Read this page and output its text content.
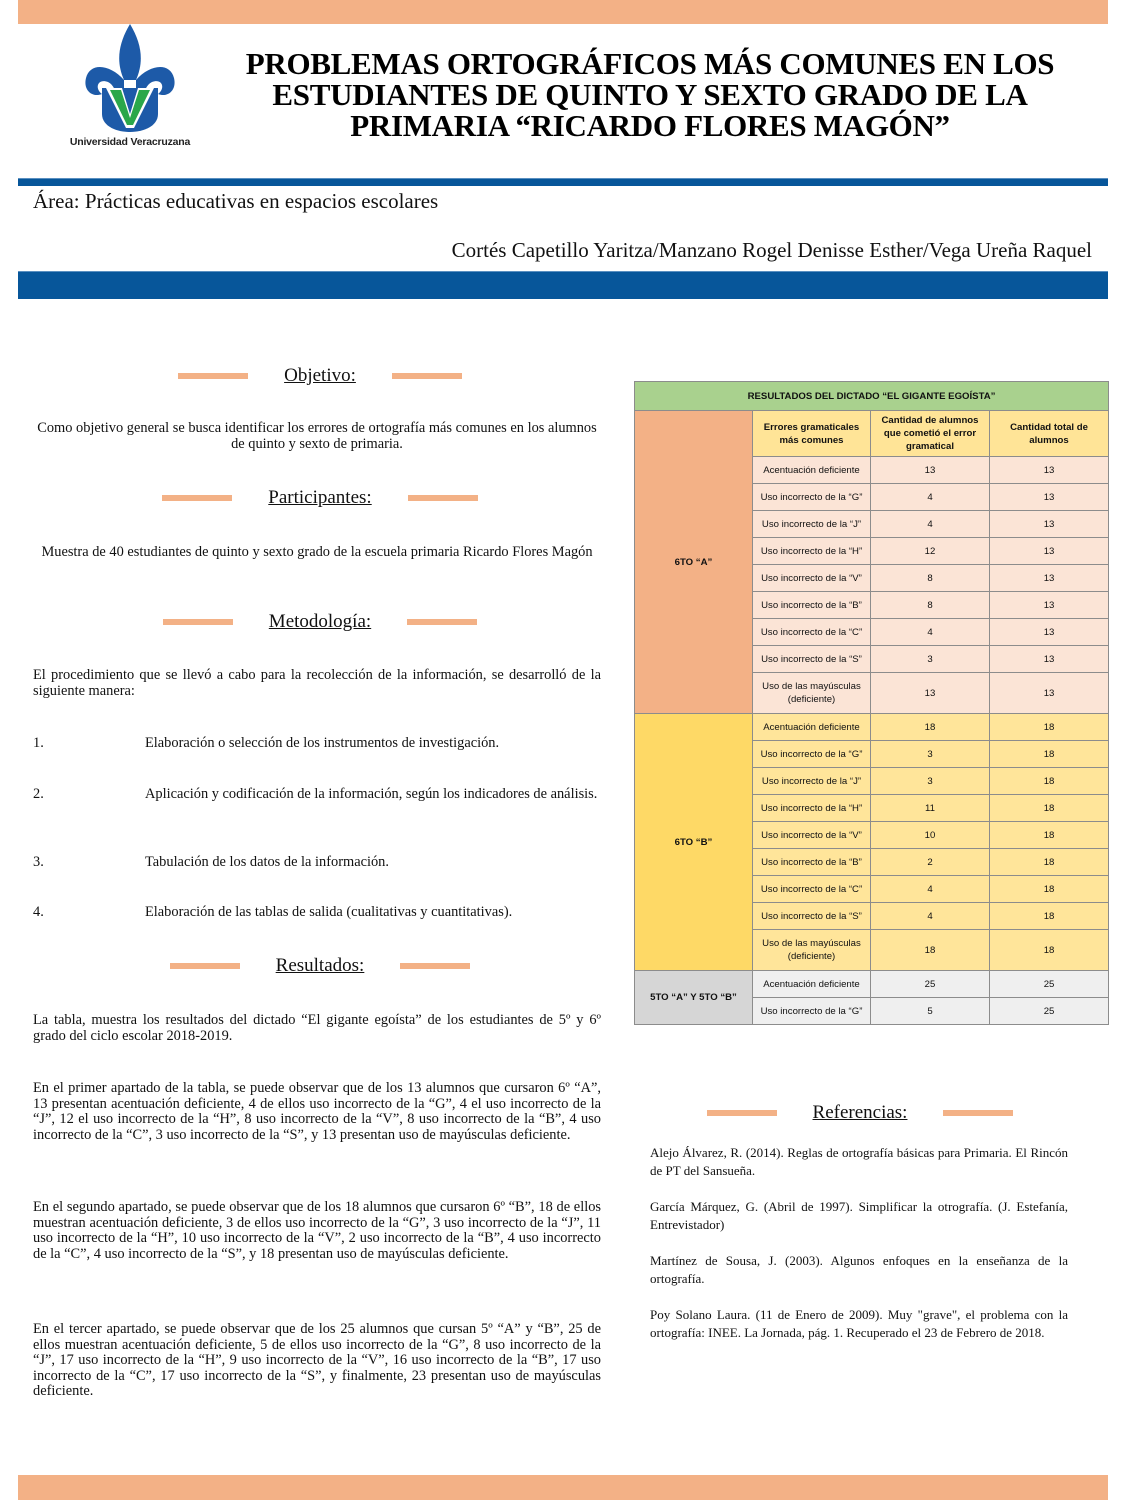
Universidad Veracruzana
PROBLEMAS ORTOGRÁFICOS MÁS COMUNES EN LOS
ESTUDIANTES DE QUINTO Y SEXTO GRADO DE LA
PRIMARIA “RICARDO FLORES MAGÓN”
Área: Prácticas educativas en espacios escolares
Cortés Capetillo Yaritza/Manzano Rogel Denisse Esther/Vega Ureña Raquel
Objetivo:
Como objetivo general se busca identificar los errores de ortografía más comunes en los alumnos de quinto y sexto de primaria.
Participantes:
Muestra de 40 estudiantes de quinto y sexto grado de la escuela primaria Ricardo Flores Magón
Metodología:
El procedimiento que se llevó a cabo para la recolección de la información, se desarrolló de la siguiente manera:
1.	Elaboración o selección de los instrumentos de investigación.
2.	Aplicación y codificación de la información, según los indicadores de análisis.
3.	Tabulación de los datos de la información.
4.	Elaboración de las tablas de salida (cualitativas y cuantitativas).
Resultados:
La tabla, muestra los resultados del dictado “El gigante egoísta” de los estudiantes de 5º y 6º grado del ciclo escolar 2018-2019.
En el primer apartado de la tabla, se puede observar que de los 13 alumnos que cursaron 6º “A”, 13 presentan acentuación deficiente, 4 de ellos uso incorrecto de la “G”, 4 el uso incorrecto de la “J”, 12 el uso incorrecto de la “H”, 8 uso incorrecto de la “V”, 8 uso incorrecto de la “B”, 4 uso incorrecto de la “C”, 3 uso incorrecto de la “S”, y 13 presentan uso de mayúsculas deficiente.
En el segundo apartado, se puede observar que de los 18 alumnos que cursaron 6º “B”, 18 de ellos muestran acentuación deficiente, 3 de ellos uso incorrecto de la “G”, 3 uso incorrecto de la “J”, 11 uso incorrecto de la “H”, 10 uso incorrecto de la “V”, 2 uso incorrecto de la “B”, 4 uso incorrecto de la “C”, 4 uso incorrecto de la “S”, y 18 presentan uso de mayúsculas deficiente.
En el tercer apartado, se puede observar que de los 25 alumnos que cursan 5º “A” y “B”, 25 de ellos muestran acentuación deficiente, 5 de ellos uso incorrecto de la “G”, 8 uso incorrecto de la “J”, 17 uso incorrecto de la “H”, 9 uso incorrecto de la “V”, 16 uso incorrecto de la “B”, 17 uso incorrecto de la “C”, 17 uso incorrecto de la “S”, y finalmente, 23 presentan uso de mayúsculas deficiente.
RESULTADOS DEL DICTADO “EL GIGANTE EGOÍSTA”			
6TO “A”	Errores gramaticales más comunes	Cantidad de alumnos que cometió el error gramatical	Cantidad total de alumnos
	Acentuación deficiente	13	13
	Uso incorrecto de la “G”	4	13
	Uso incorrecto de la “J”	4	13
	Uso incorrecto de la “H”	12	13
	Uso incorrecto de la “V”	8	13
	Uso incorrecto de la “B”	8	13
	Uso incorrecto de la “C”	4	13
	Uso incorrecto de la “S”	3	13
	Uso de las mayúsculas (deficiente)	13	13
6TO “B”	Acentuación deficiente	18	18
	Uso incorrecto de la “G”	3	18
	Uso incorrecto de la “J”	3	18
	Uso incorrecto de la “H”	11	18
	Uso incorrecto de la “V”	10	18
	Uso incorrecto de la “B”	2	18
	Uso incorrecto de la “C”	4	18
	Uso incorrecto de la “S”	4	18
	Uso de las mayúsculas (deficiente)	18	18
5TO “A” Y 5TO “B”	Acentuación deficiente	25	25
	Uso incorrecto de la “G”	5	25
Referencias:
Alejo Álvarez, R. (2014). Reglas de ortografía básicas para Primaria. El Rincón de PT del Sansueña.
García Márquez, G. (Abril de 1997). Simplificar la otrografía. (J. Estefanía, Entrevistador)
Martínez de Sousa, J. (2003). Algunos enfoques en la enseñanza de la ortografía.
Poy Solano Laura. (11 de Enero de 2009). Muy "grave", el problema con la ortografía: INEE. La Jornada, pág. 1. Recuperado el 23 de Febrero de 2018.
